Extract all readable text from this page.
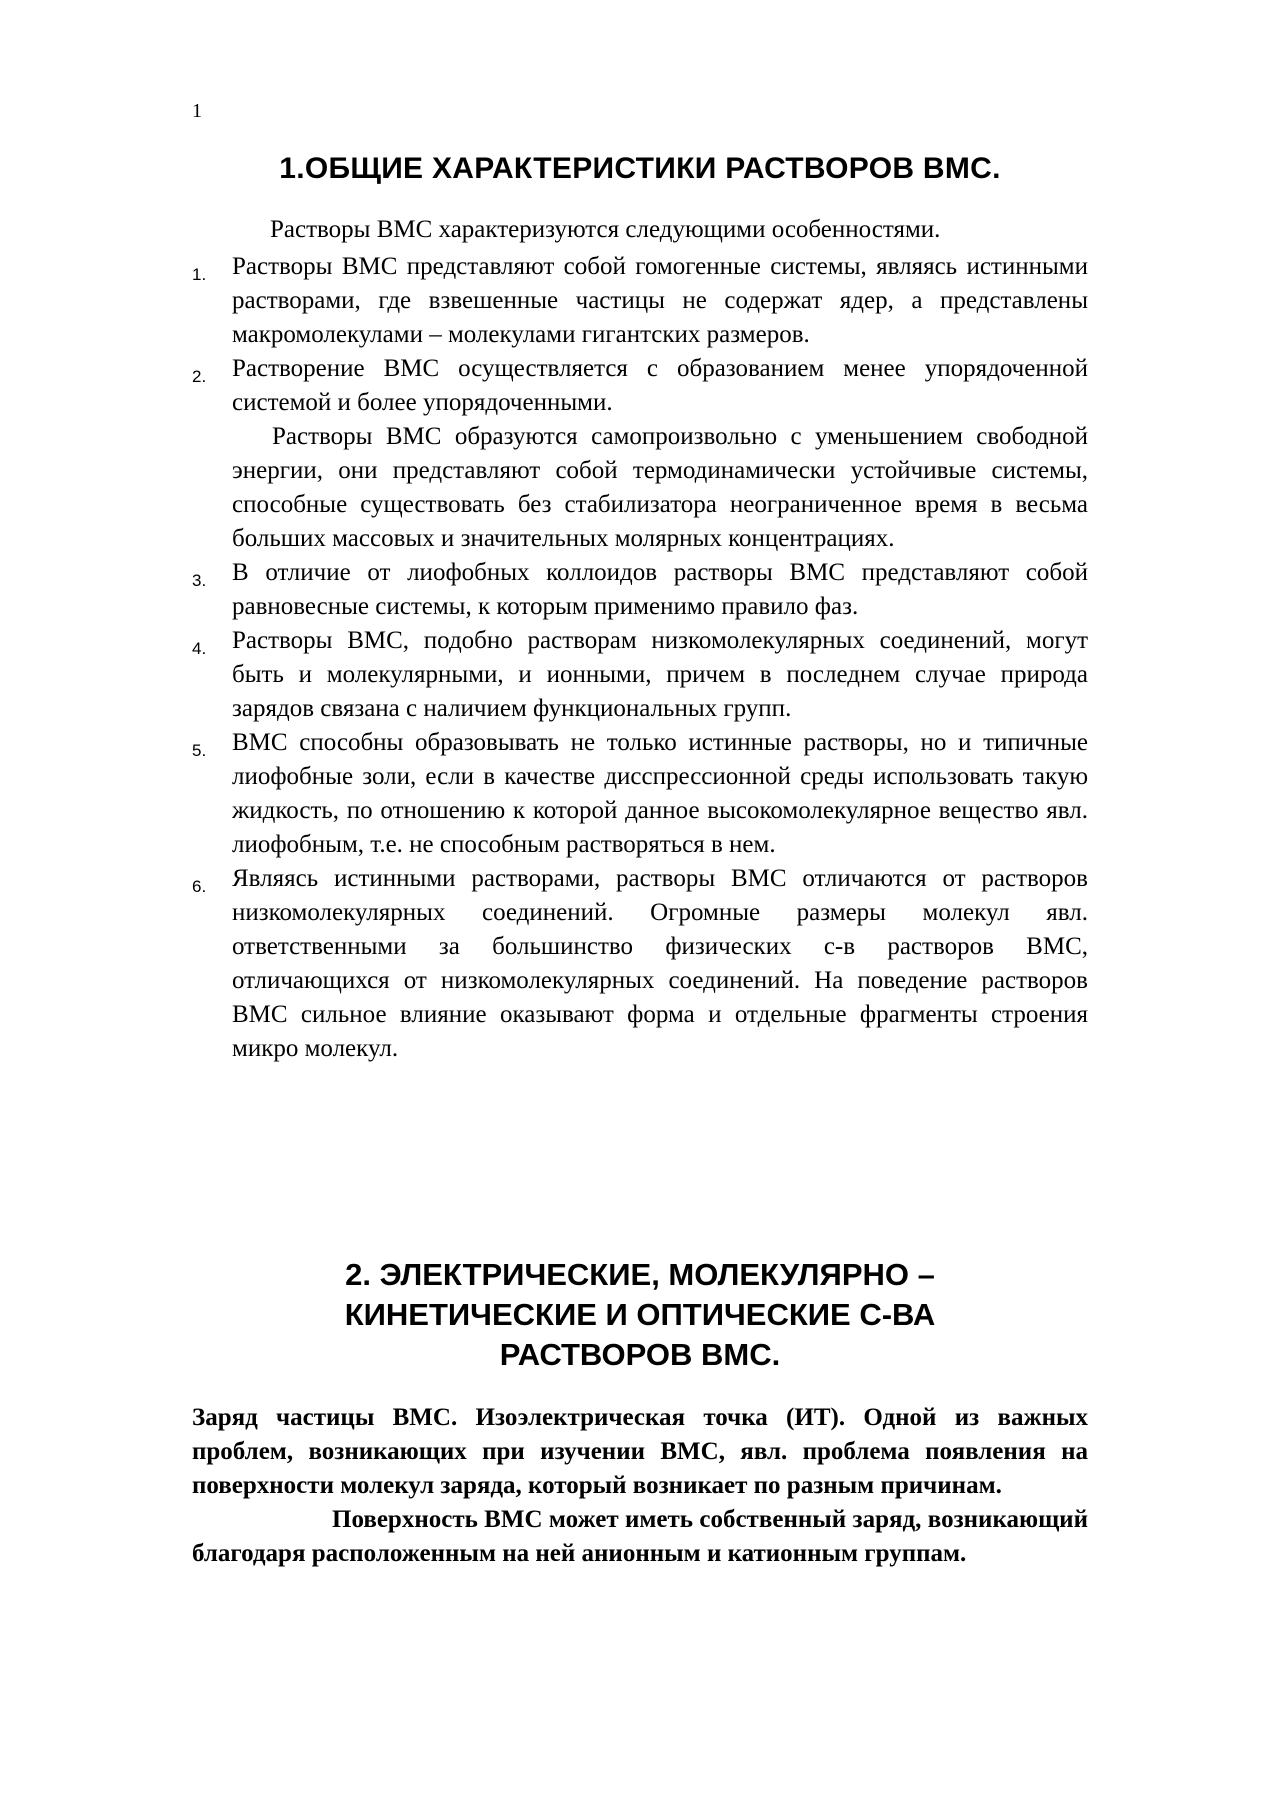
1
1.ОБЩИЕ ХАРАКТЕРИСТИКИ РАСТВОРОВ ВМС.
Растворы ВМС характеризуются следующими особенностями.
1. Растворы ВМС представляют собой гомогенные системы, являясь истинными растворами, где взвешенные частицы не содержат ядер, а представлены макромолекулами – молекулами гигантских размеров.
2. Растворение ВМС осуществляется с образованием менее упорядоченной системой и более упорядоченными.
Растворы ВМС образуются самопроизвольно с уменьшением свободной энергии, они представляют собой термодинамически устойчивые системы, способные существовать без стабилизатора неограниченное время в весьма больших массовых и значительных молярных концентрациях.
3. В отличие от лиофобных коллоидов растворы ВМС представляют собой равновесные системы, к которым применимо правило фаз.
4. Растворы ВМС, подобно растворам низкомолекулярных соединений, могут быть и молекулярными, и ионными, причем в последнем случае природа зарядов связана с наличием функциональных групп.
5. ВМС способны образовывать не только истинные растворы, но и типичные лиофобные золи, если в качестве дисспрессионной среды использовать такую жидкость, по отношению к которой данное высокомолекулярное вещество явл. лиофобным, т.е. не способным растворяться в нем.
6. Являясь истинными растворами, растворы ВМС отличаются от растворов низкомолекулярных соединений. Огромные размеры молекул явл. ответственными за большинство физических с-в растворов ВМС, отличающихся от низкомолекулярных соединений. На поведение растворов ВМС сильное влияние оказывают форма и отдельные фрагменты строения микро молекул.
2. ЭЛЕКТРИЧЕСКИЕ, МОЛЕКУЛЯРНО –
КИНЕТИЧЕСКИЕ И ОПТИЧЕСКИЕ С-ВА
РАСТВОРОВ ВМС.

Заряд частицы ВМС. Изоэлектрическая точка (ИТ). Одной из важных проблем, возникающих при изучении ВМС, явл. проблема появления на поверхности молекул заряда, который возникает по разным причинам.

Поверхность ВМС может иметь собственный заряд, возникающий благодаря расположенным на ней анионным и катионным группам.
